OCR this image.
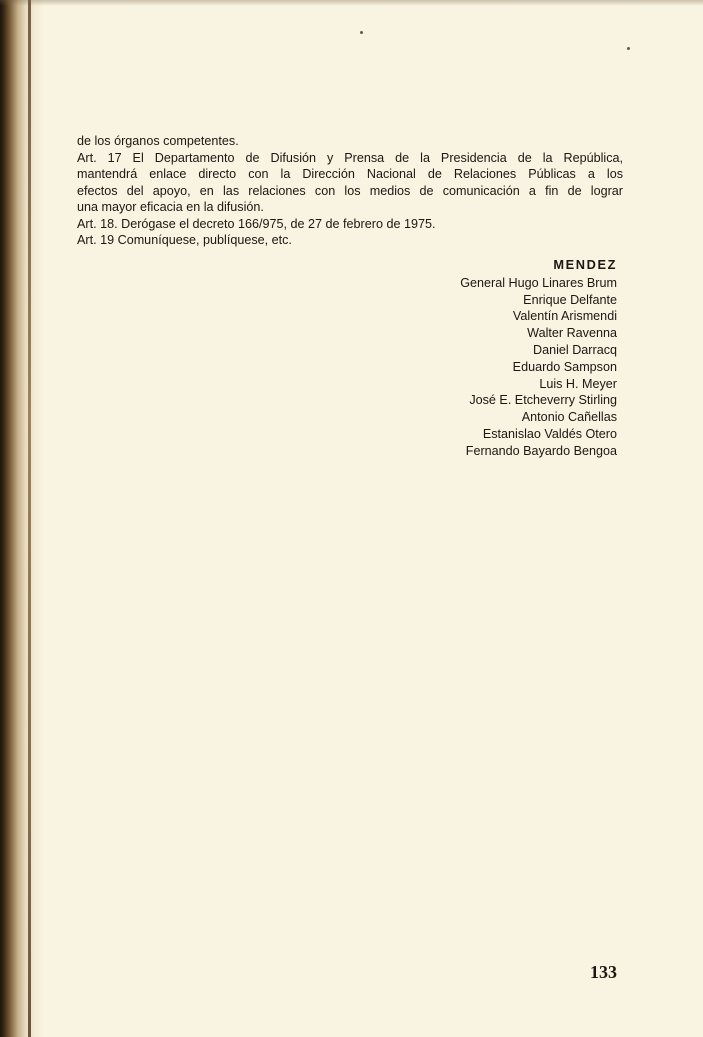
de los órganos competentes.

Art. 17 El Departamento de Difusión y Prensa de la Presidencia de la República,

mantendrá enlace directo con la Dirección Nacional de Relaciones Públicas a los

efectos del apoyo, en las relaciones con los medios de comunicación a fin de lograr

una mayor eficacia en la difusión.

Art. 18. Derógase el decreto 166/975, de 27 de febrero de 1975.

Art. 19 Comuníquese, publíquese, etc.

MENDEZ
General Hugo Linares Brum
Enrique Delfante
Valentín Arismendi
Walter Ravenna
Daniel Darracq
Eduardo Sampson
Luis H. Meyer
José E. Etcheverry Stirling
Antonio Cañellas
Estanislao Valdés Otero
Fernando Bayardo Bengoa
133
